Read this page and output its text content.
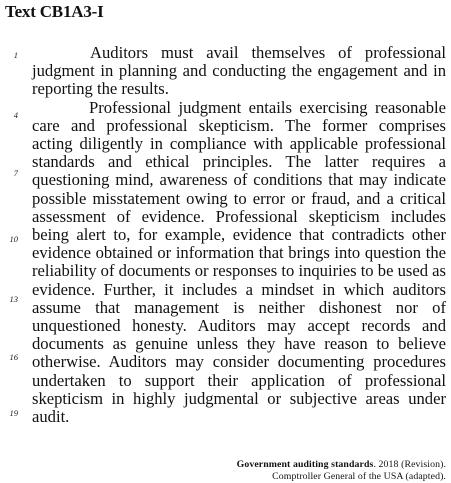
Text CB1A3-I
1
4
7
10
13
16
19

Auditors must avail themselves of professional judgment in planning and conducting the engagement and in reporting the results.

Professional judgment entails exercising reasonable care and professional skepticism. The former comprises acting diligently in compliance with applicable professional standards and ethical principles. The latter requires a questioning mind, awareness of conditions that may indicate possible misstatement owing to error or fraud, and a critical assessment of evidence. Professional skepticism includes being alert to, for example, evidence that contradicts other evidence obtained or information that brings into question the reliability of documents or responses to inquiries to be used as evidence. Further, it includes a mindset in which auditors assume that management is neither dishonest nor of unquestioned honesty. Auditors may accept records and documents as genuine unless they have reason to believe otherwise. Auditors may consider documenting procedures undertaken to support their application of professional skepticism in highly judgmental or subjective areas under audit.

Government auditing standards. 2018 (Revision).
Comptroller General of the USA (adapted).
